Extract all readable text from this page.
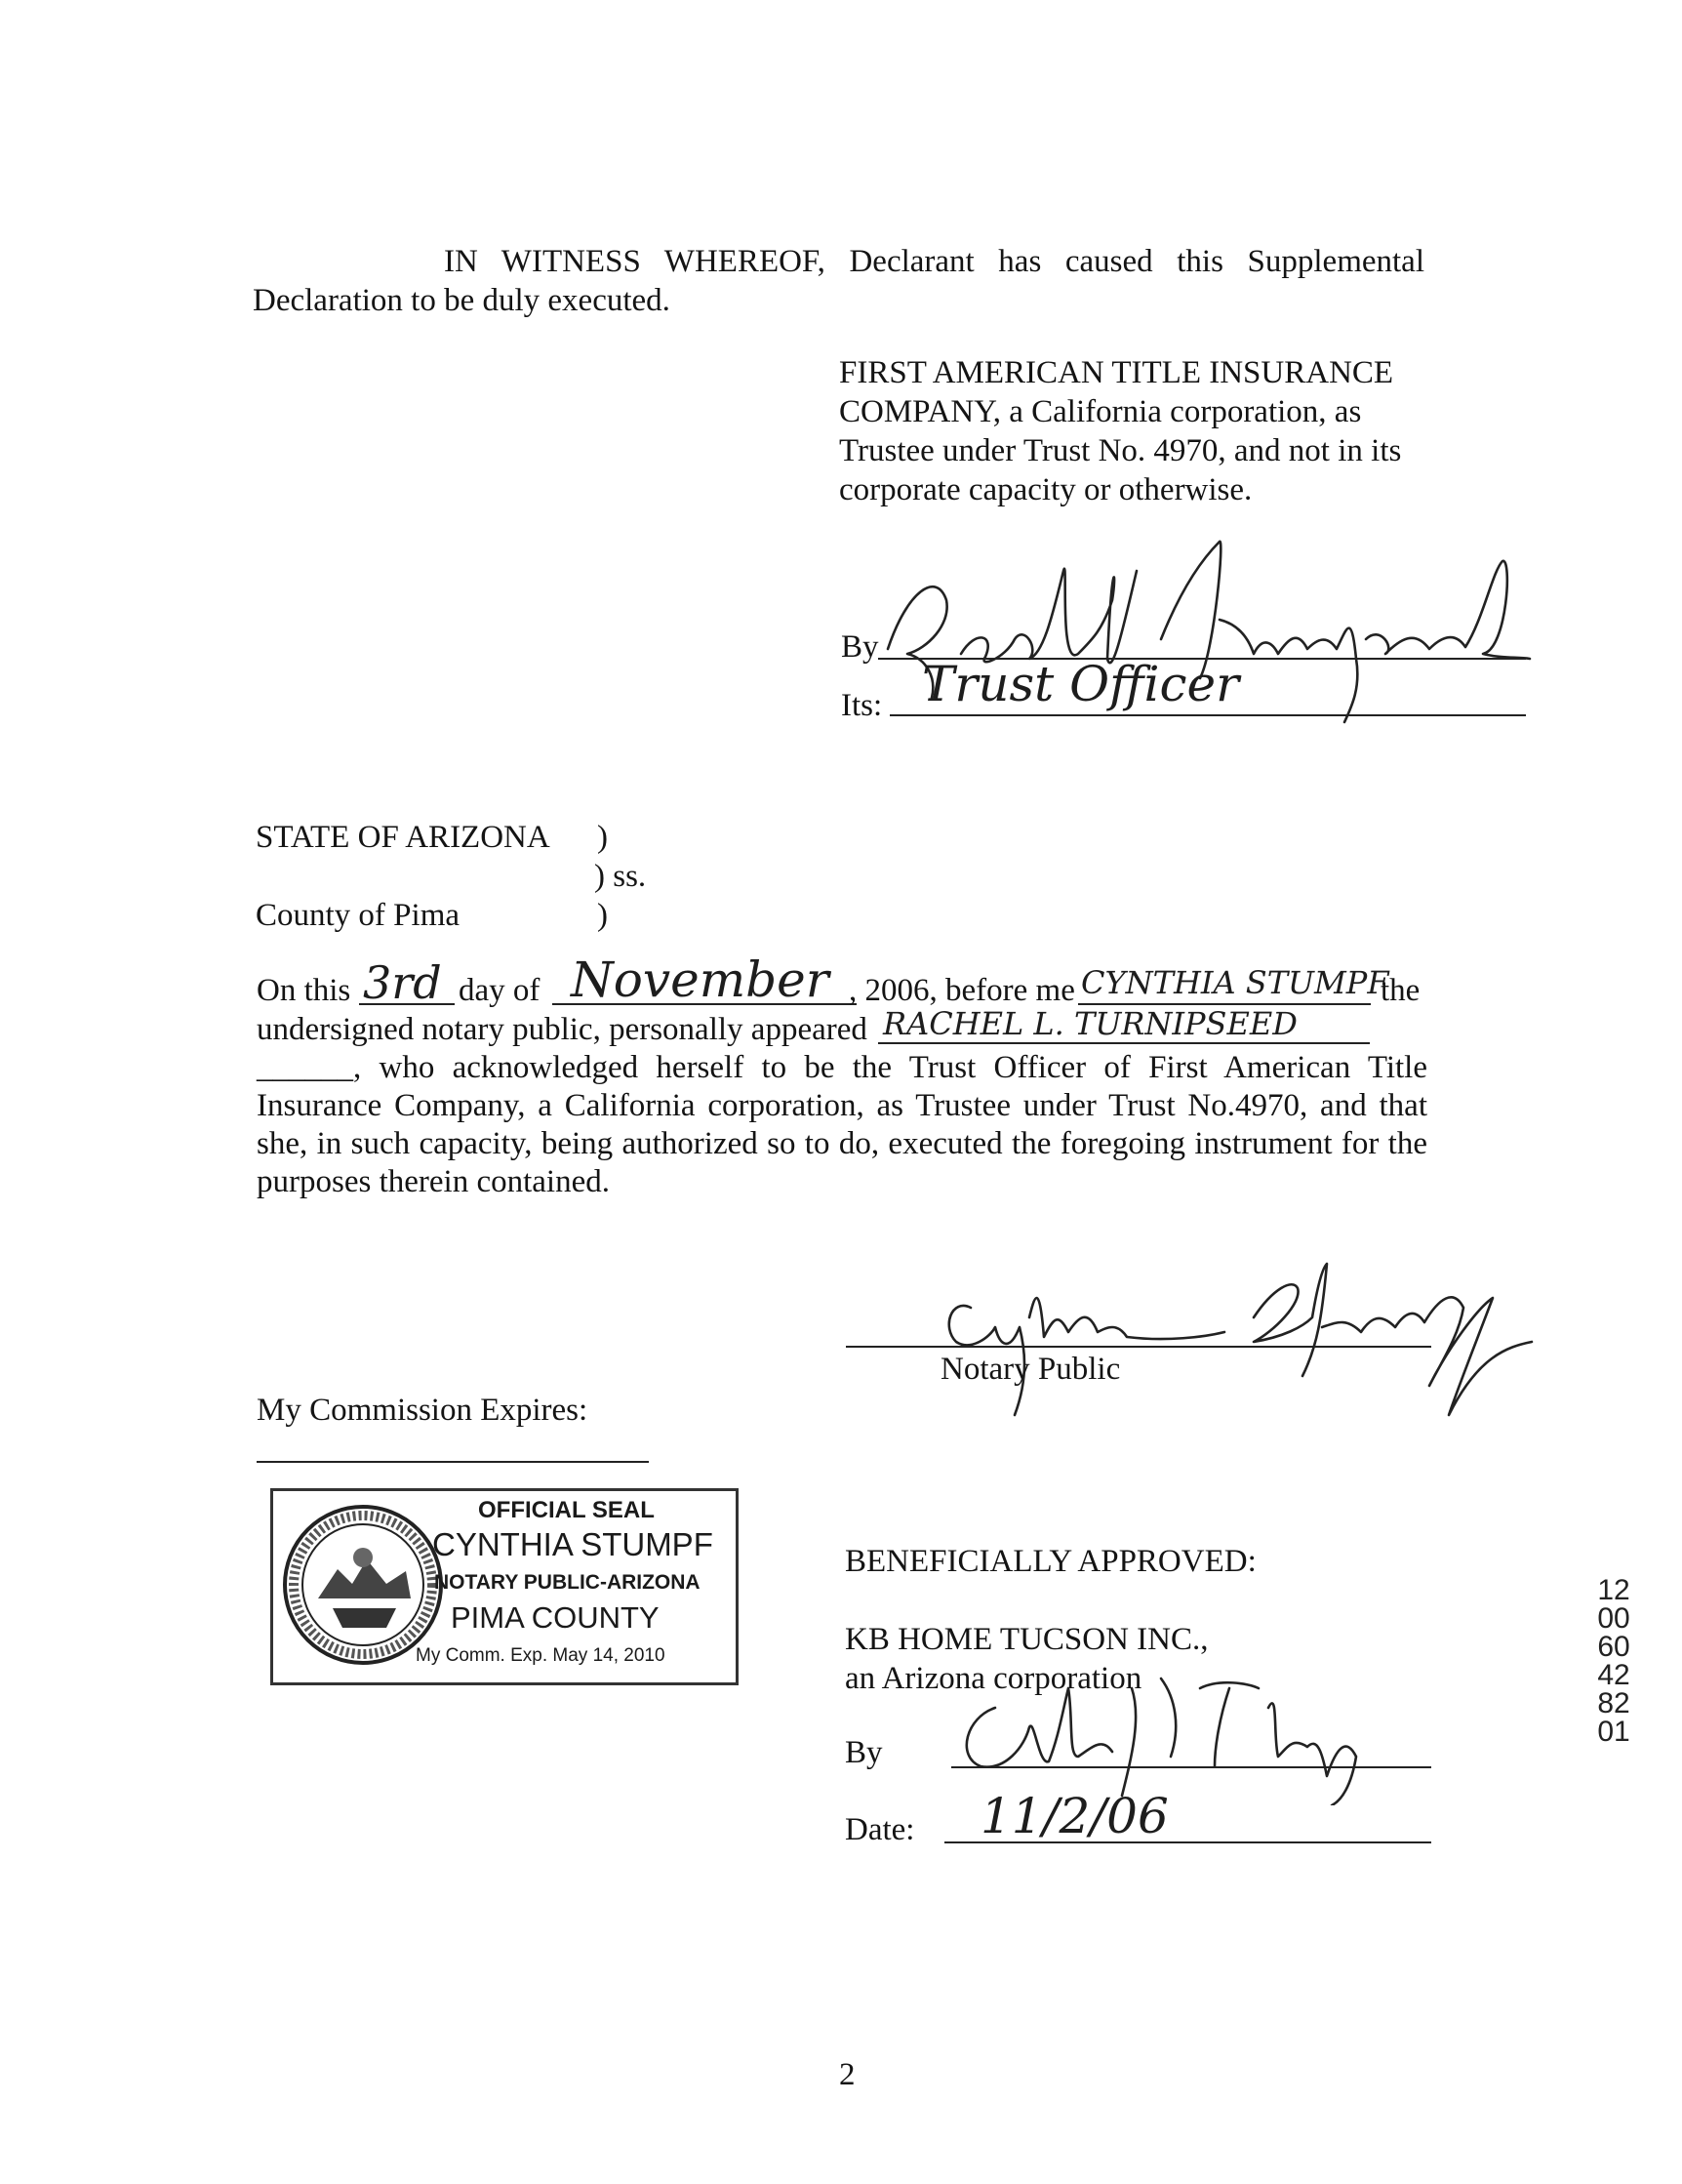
IN WITNESS WHEREOF, Declarant has caused this Supplemental
Declaration to be duly executed.
FIRST AMERICAN TITLE INSURANCE
COMPANY, a California corporation, as
Trustee under Trust No. 4970, and not in its
corporate capacity or otherwise.
By
Its: Trust Officer
STATE OF ARIZONA )
) ss.
County of Pima	)
On this 3rd day of November , 2006, before me CYNTHIA STUMPF
the
undersigned notary public, personally appeared RACHEL L. TURNIPSEED
______, who acknowledged herself to be the Trust Officer of First American Title
Insurance Company, a California corporation, as Trustee under Trust No.4970, and that
she, in such capacity, being authorized so to do, executed the foregoing instrument for the
purposes therein contained.
Notary Public
My Commission Expires:
OFFICIAL SEAL
CYNTHIA STUMPF
NOTARY PUBLIC-ARIZONA
PIMA COUNTY
My Comm. Exp. May 14, 2010
BENEFICIALLY APPROVED:
KB HOME TUCSON INC.,
an Arizona corporation
By
Date: 11/2/06
120060428201
2
